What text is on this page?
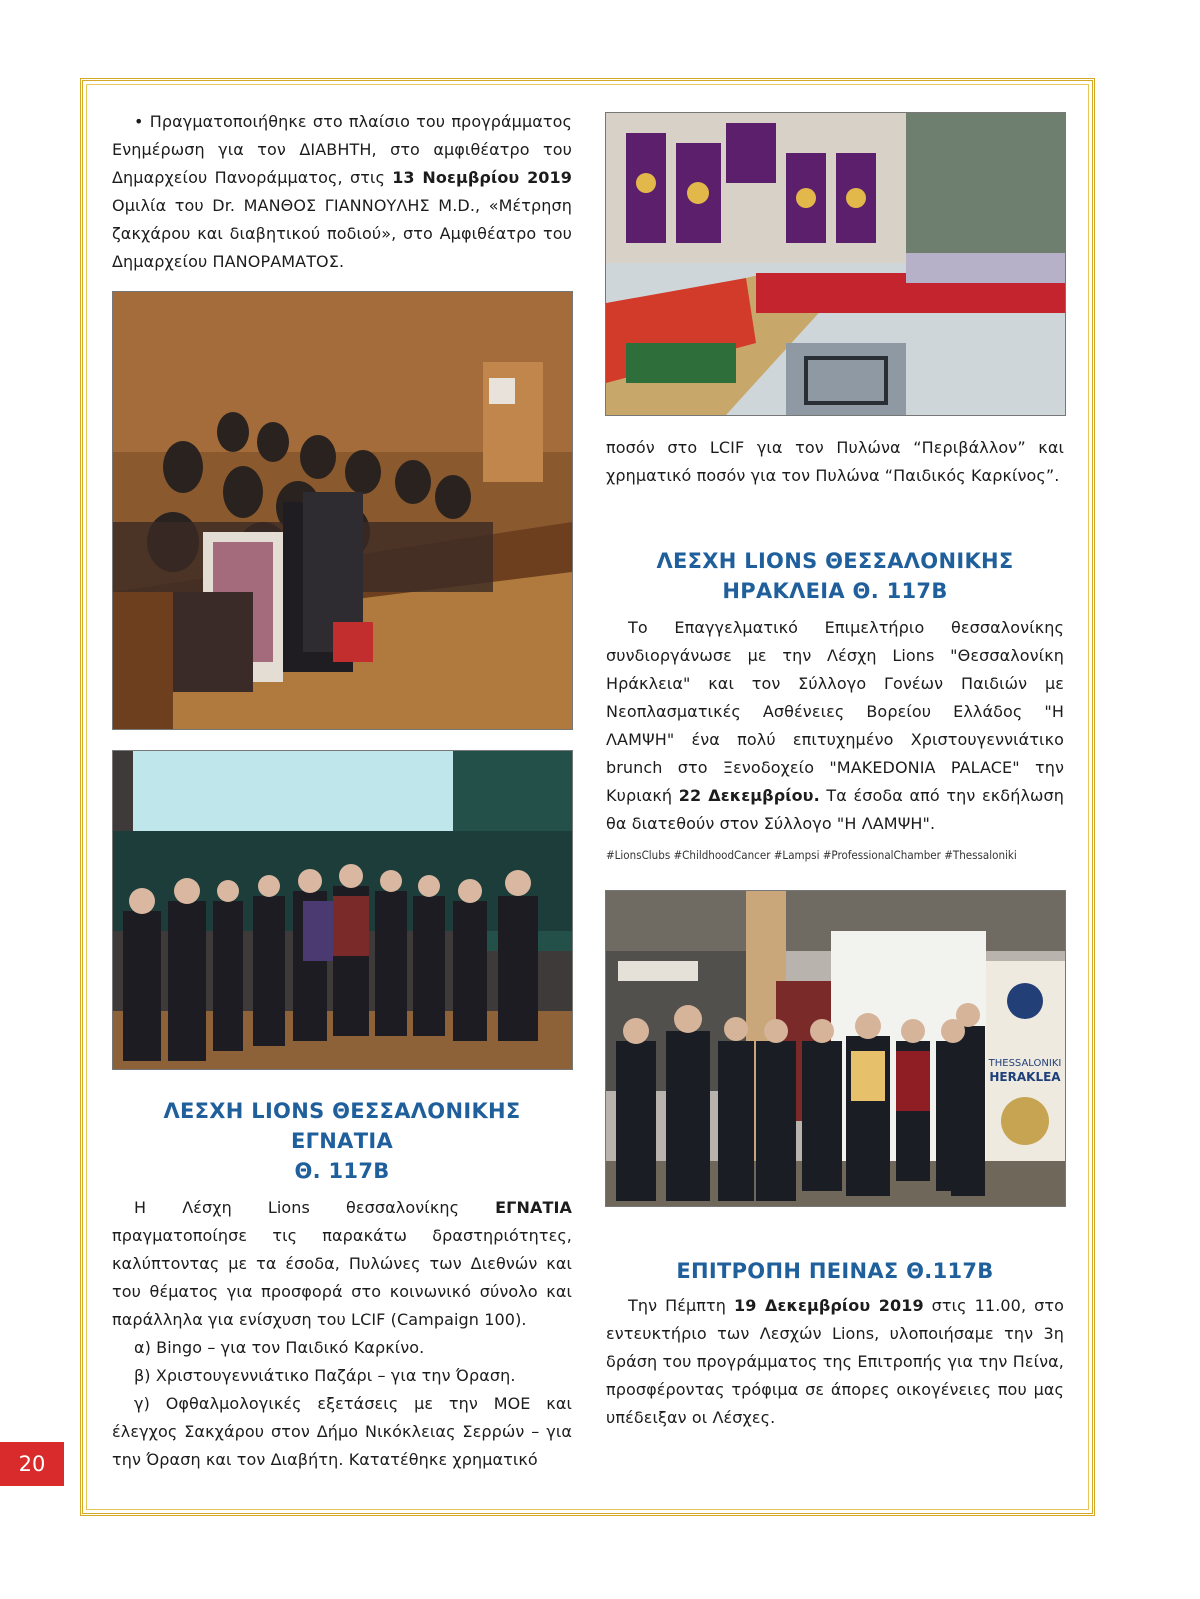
• Πραγματοποιήθηκε στο πλαίσιο του προγράμματος Ενημέρωση για τον ΔΙΑΒΗΤΗ, στο αμφιθέατρο του Δημαρχείου Πανοράμματος, στις 13 Νοεμβρίου 2019 Ομιλία του Dr. ΜΑΝΘΟΣ ΓΙΑΝΝΟΥΛΗΣ M.D., «Μέτρηση ζακχάρου και διαβητικού ποδιού», στο Αμφιθέατρο του Δημαρχείου ΠΑΝΟΡΑΜΑΤΟΣ.

ΛΕΣΧΗ LIONS ΘΕΣΣΑΛΟΝΙΚΗΣ ΕΓΝΑΤΙΑ
Θ. 117Β

Η Λέσχη Lions θεσσαλονίκης ΕΓΝΑΤΙΑ πραγματοποίησε τις παρακάτω δραστηριότητες, καλύπτοντας με τα έσοδα, Πυλώνες των Διεθνών και του θέματος για προσφορά στο κοινωνικό σύνολο και παράλληλα για ενίσχυση του LCIF (Campaign 100).

α) Bingo – για τον Παιδικό Καρκίνο.

β) Χριστουγεννιάτικο Παζάρι – για την Όραση.

γ) Οφθαλμολογικές εξετάσεις με την ΜΟΕ και έλεγχος Σακχάρου στον Δήμο Νικόκλειας Σερρών – για την Όραση και τον Διαβήτη. Κατατέθηκε χρηματικό

ποσόν στο LCIF για τον Πυλώνα “Περιβάλλον” και χρηματικό ποσόν για τον Πυλώνα “Παιδικός Καρκίνος”.

ΛΕΣΧΗ LIONS ΘΕΣΣΑΛΟΝΙΚΗΣ
ΗΡΑΚΛΕΙΑ Θ. 117Β

Το Επαγγελματικό Επιμελτήριο θεσσαλονίκης συνδιοργάνωσε με την Λέσχη Lions "Θεσσαλονίκη Ηράκλεια" και τον Σύλλογο Γονέων Παιδιών με Νεοπλασματικές Ασθένειες Βορείου Ελλάδος "Η ΛΑΜΨΗ" ένα πολύ επιτυχημένο Χριστουγεννιάτικο brunch στο Ξενοδοχείο "MAKEDONIA PALACE" την Κυριακή 22 Δεκεμβρίου. Τα έσοδα από την εκδήλωση θα διατεθούν στον Σύλλογο "Η ΛΑΜΨΗ".

#LionsClubs #ChildhoodCancer #Lampsi #ProfessionalChamber #Thessaloniki
THESSALONIKI
HERAKLEA
ΕΠΙΤΡΟΠΗ ΠΕΙΝΑΣ Θ.117Β

Την Πέμπτη 19 Δεκεμβρίου 2019 στις 11.00, στο εντευκτήριο των Λεσχών Lions, υλοποιήσαμε την 3η δράση του προγράμματος της Επιτροπής για την Πείνα, προσφέροντας τρόφιμα σε άπορες οικογένειες που μας υπέδειξαν οι Λέσχες.

20
